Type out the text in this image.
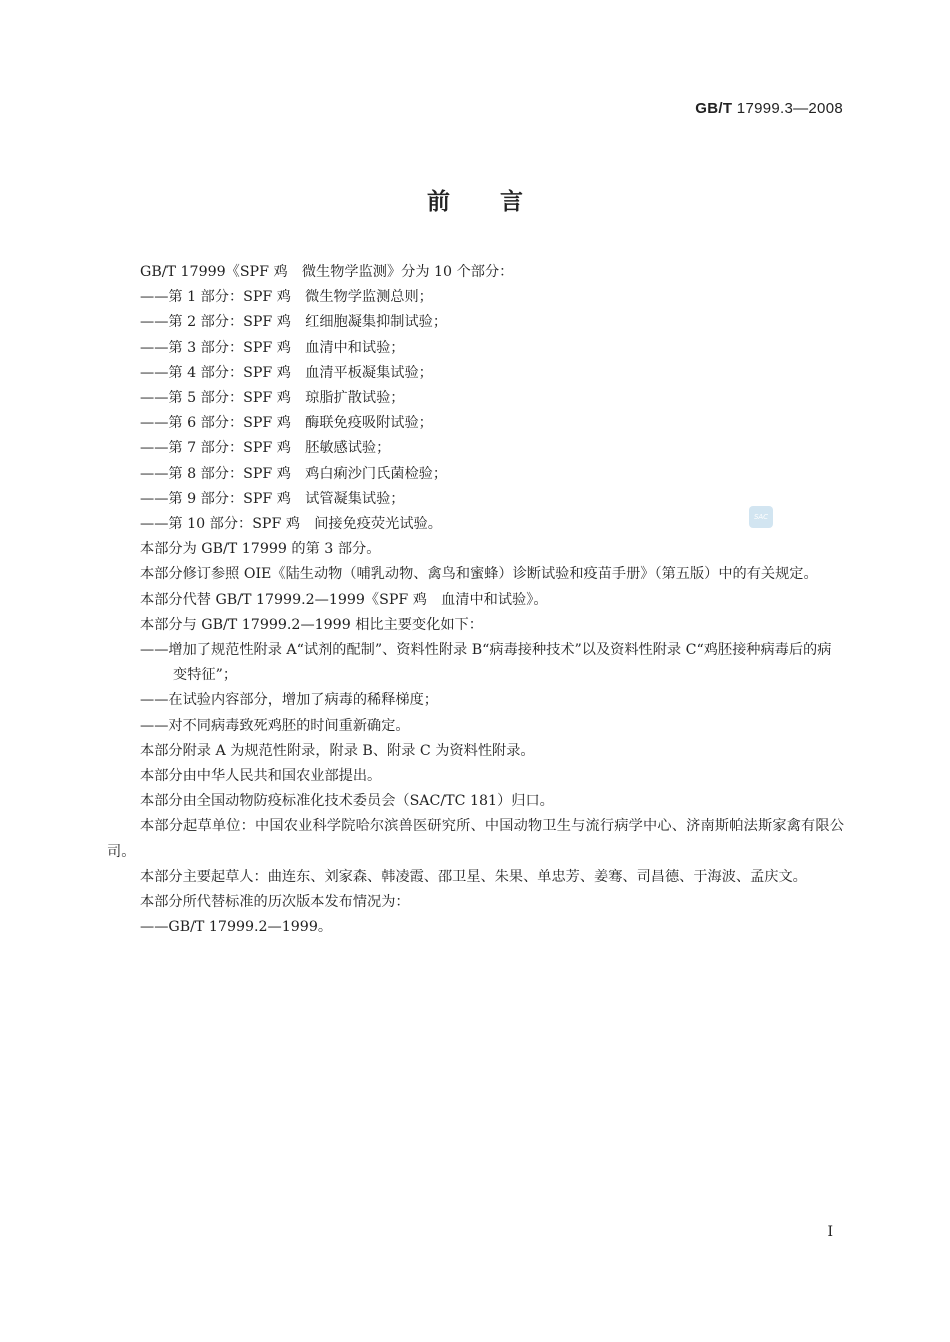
GB/T 17999.3—2008
前言

GB/T 17999《SPF 鸡　微生物学监测》分为 10 个部分：

——第 1 部分：SPF 鸡　微生物学监测总则；

——第 2 部分：SPF 鸡　红细胞凝集抑制试验；

——第 3 部分：SPF 鸡　血清中和试验；

——第 4 部分：SPF 鸡　血清平板凝集试验；

——第 5 部分：SPF 鸡　琼脂扩散试验；

——第 6 部分：SPF 鸡　酶联免疫吸附试验；

——第 7 部分：SPF 鸡　胚敏感试验；

——第 8 部分：SPF 鸡　鸡白痢沙门氏菌检验；

——第 9 部分：SPF 鸡　试管凝集试验；

——第 10 部分：SPF 鸡　间接免疫荧光试验。

本部分为 GB/T 17999 的第 3 部分。

本部分修订参照 OIE《陆生动物（哺乳动物、禽鸟和蜜蜂）诊断试验和疫苗手册》（第五版）中的有关规定。

本部分代替 GB/T 17999.2—1999《SPF 鸡　血清中和试验》。

本部分与 GB/T 17999.2—1999 相比主要变化如下：

——增加了规范性附录 A“试剂的配制”、资料性附录 B“病毒接种技术”以及资料性附录 C“鸡胚接种病毒后的病变特征”；

——在试验内容部分，增加了病毒的稀释梯度；

——对不同病毒致死鸡胚的时间重新确定。

本部分附录 A 为规范性附录，附录 B、附录 C 为资料性附录。

本部分由中华人民共和国农业部提出。

本部分由全国动物防疫标准化技术委员会（SAC/TC 181）归口。

本部分起草单位：中国农业科学院哈尔滨兽医研究所、中国动物卫生与流行病学中心、济南斯帕法斯家禽有限公司。

本部分主要起草人：曲连东、刘家森、韩凌霞、邵卫星、朱果、单忠芳、姜骞、司昌德、于海波、孟庆文。

本部分所代替标准的历次版本发布情况为：

——GB/T 17999.2—1999。

SAC
I
